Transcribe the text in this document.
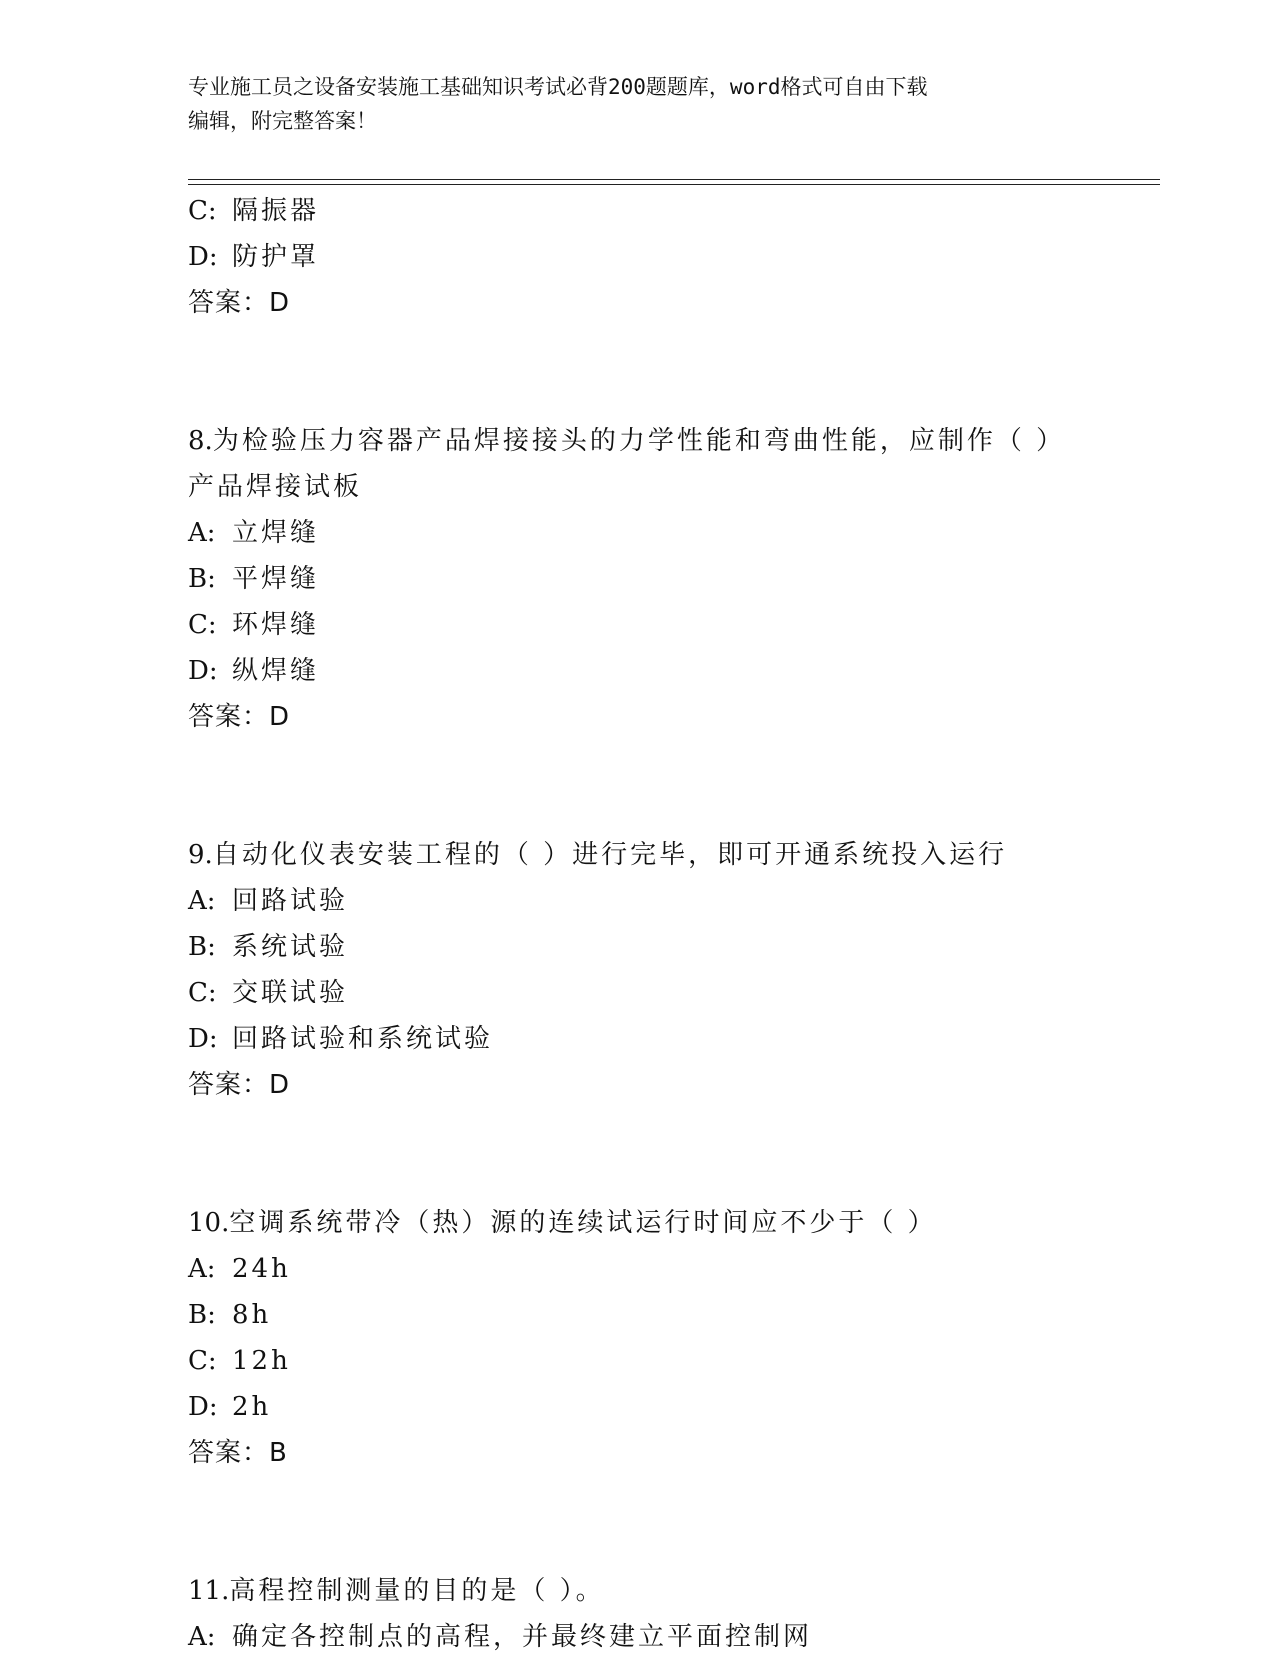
专业施工员之设备安装施工基础知识考试必背200题题库，word格式可自由下载
编辑，附完整答案！
C: 隔振器
D: 防护罩
答案：D
8.为检验压力容器产品焊接接头的力学性能和弯曲性能，应制作（ ）
产品焊接试板
A: 立焊缝
B: 平焊缝
C: 环焊缝
D: 纵焊缝
答案：D
9.自动化仪表安装工程的（ ）进行完毕，即可开通系统投入运行
A: 回路试验
B: 系统试验
C: 交联试验
D: 回路试验和系统试验
答案：D
10.空调系统带冷（热）源的连续试运行时间应不少于（ ）
A: 24h
B: 8h
C: 12h
D: 2h
答案：B
11.高程控制测量的目的是（ ）。
A: 确定各控制点的高程，并最终建立平面控制网
